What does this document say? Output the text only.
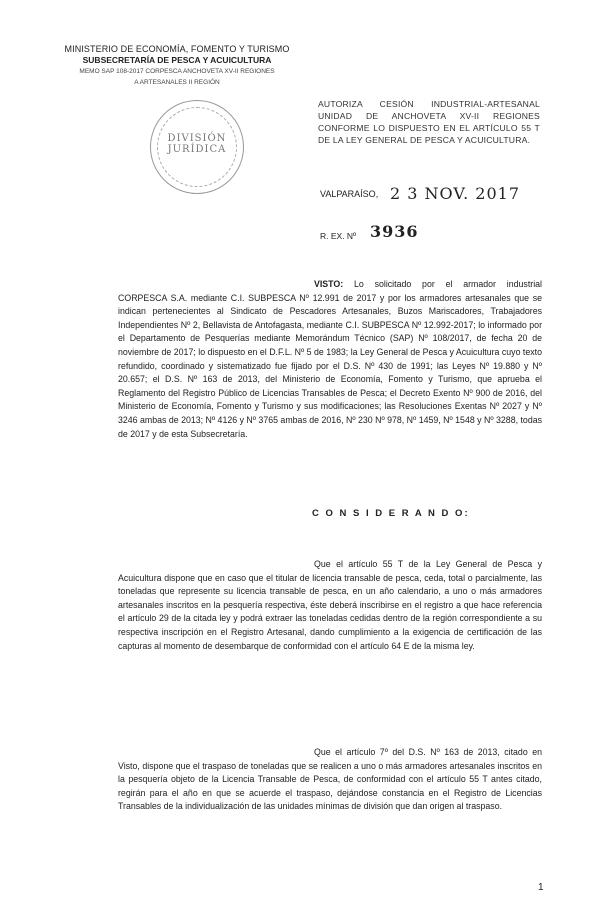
MINISTERIO DE ECONOMÍA, FOMENTO Y TURISMO
SUBSECRETARÍA DE PESCA Y ACUICULTURA
MEMO SAP 108-2017 CORPESCA ANCHOVETA XV-II REGIONES
A ARTESANALES II REGIÓN
DIVISIÓN
JURÍDICA
AUTORIZA CESIÓN INDUSTRIAL-ARTESANAL UNIDAD DE ANCHOVETA XV-II REGIONES CONFORME LO DISPUESTO EN EL ARTÍCULO 55 T DE LA LEY GENERAL DE PESCA Y ACUICULTURA.
VALPARAÍSO, 2 3 NOV. 2017
R. EX. Nº 3936
VISTO: Lo solicitado por el armador industrial CORPESCA S.A. mediante C.I. SUBPESCA Nº 12.991 de 2017 y por los armadores artesanales que se indican pertenecientes al Sindicato de Pescadores Artesanales, Buzos Mariscadores, Trabajadores Independientes Nº 2, Bellavista de Antofagasta, mediante C.I. SUBPESCA Nº 12.992-2017; lo informado por el Departamento de Pesquerías mediante Memorándum Técnico (SAP) Nº 108/2017, de fecha 20 de noviembre de 2017; lo dispuesto en el D.F.L. Nº 5 de 1983; la Ley General de Pesca y Acuicultura cuyo texto refundido, coordinado y sistematizado fue fijado por el D.S. Nº 430 de 1991; las Leyes Nº 19.880 y Nº 20.657; el D.S. Nº 163 de 2013, del Ministerio de Economía, Fomento y Turismo, que aprueba el Reglamento del Registro Público de Licencias Transables de Pesca; el Decreto Exento Nº 900 de 2016, del Ministerio de Economía, Fomento y Turismo y sus modificaciones; las Resoluciones Exentas Nº 2027 y Nº 3246 ambas de 2013; Nº 4126 y Nº 3765 ambas de 2016, Nº 230 Nº 978, Nº 1459, Nº 1548 y Nº 3288, todas de 2017 y de esta Subsecretaría.
C O N S I D E R A N D O:
Que el artículo 55 T de la Ley General de Pesca y Acuicultura dispone que en caso que el titular de licencia transable de pesca, ceda, total o parcialmente, las toneladas que represente su licencia transable de pesca, en un año calendario, a uno o más armadores artesanales inscritos en la pesquería respectiva, éste deberá inscribirse en el registro a que hace referencia el artículo 29 de la citada ley y podrá extraer las toneladas cedidas dentro de la región correspondiente a su respectiva inscripción en el Registro Artesanal, dando cumplimiento a la exigencia de certificación de las capturas al momento de desembarque de conformidad con el artículo 64 E de la misma ley.
Que el artículo 7º del D.S. Nº 163 de 2013, citado en Visto, dispone que el traspaso de toneladas que se realicen a uno o más armadores artesanales inscritos en la pesquería objeto de la Licencia Transable de Pesca, de conformidad con el artículo 55 T antes citado, regirán para el año en que se acuerde el traspaso, dejándose constancia en el Registro de Licencias Transables de la individualización de las unidades mínimas de división que dan origen al traspaso.
1
